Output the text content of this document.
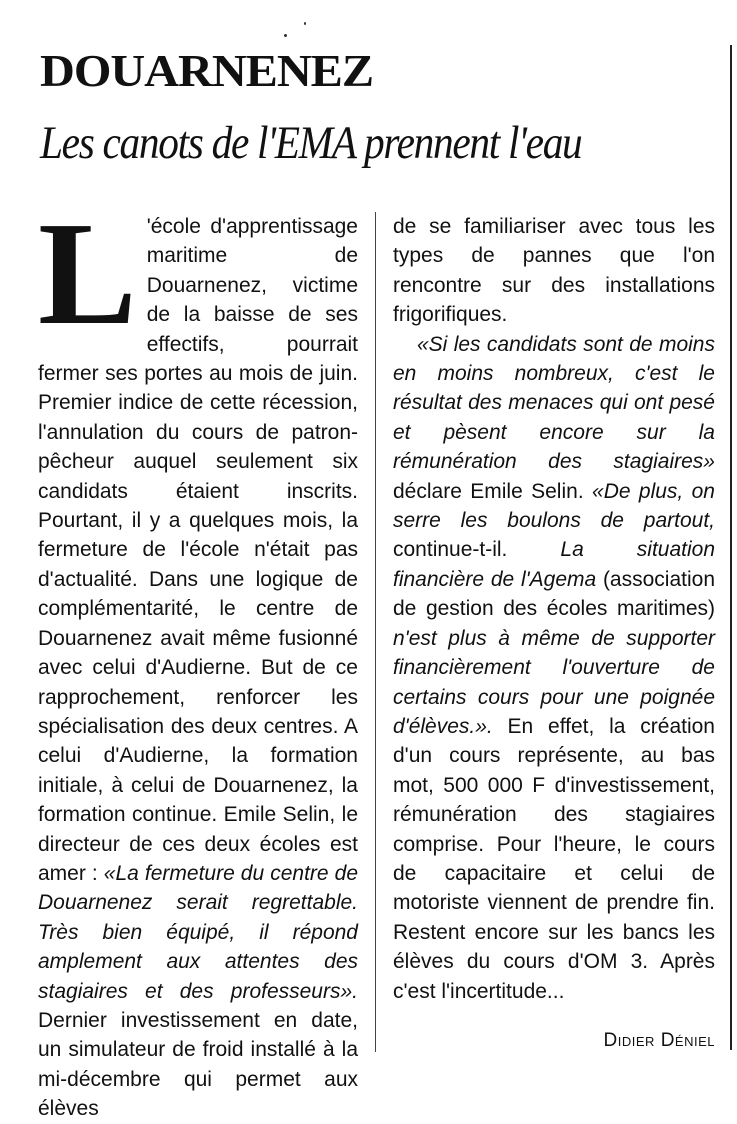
DOUARNENEZ
Les canots de l'EMA prennent l'eau

L 'école d'apprentissage maritime de Douarnenez, victime de la baisse de ses effectifs, pourrait fermer ses portes au mois de juin. Premier indice de cette récession, l'annulation du cours de patron-pêcheur auquel seulement six candidats étaient inscrits. Pourtant, il y a quelques mois, la fermeture de l'école n'était pas d'actualité. Dans une logique de complémentarité, le centre de Douarnenez avait même fusionné avec celui d'Audierne. But de ce rapprochement, renforcer les spécialisation des deux centres. A celui d'Audierne, la formation initiale, à celui de Douarnenez, la formation continue. Emile Selin, le directeur de ces deux écoles est amer : «La fermeture du centre de Douarnenez serait regrettable. Très bien équipé, il répond amplement aux attentes des stagiaires et des professeurs». Dernier investissement en date, un simulateur de froid installé à la mi-décembre qui permet aux élèves

de se familiariser avec tous les types de pannes que l'on rencontre sur des installations frigorifiques.

«Si les candidats sont de moins en moins nombreux, c'est le résultat des menaces qui ont pesé et pèsent encore sur la rémunération des stagiaires» déclare Emile Selin. «De plus, on serre les boulons de partout, continue-t-il. La situation financière de l'Agema (association de gestion des écoles maritimes) n'est plus à même de supporter financièrement l'ouverture de certains cours pour une poignée d'élèves.». En effet, la création d'un cours représente, au bas mot, 500 000 F d'investissement, rémunération des stagiaires comprise. Pour l'heure, le cours de capacitaire et celui de motoriste viennent de prendre fin. Restent encore sur les bancs les élèves du cours d'OM 3. Après c'est l'incertitude...

Didier Déniel
